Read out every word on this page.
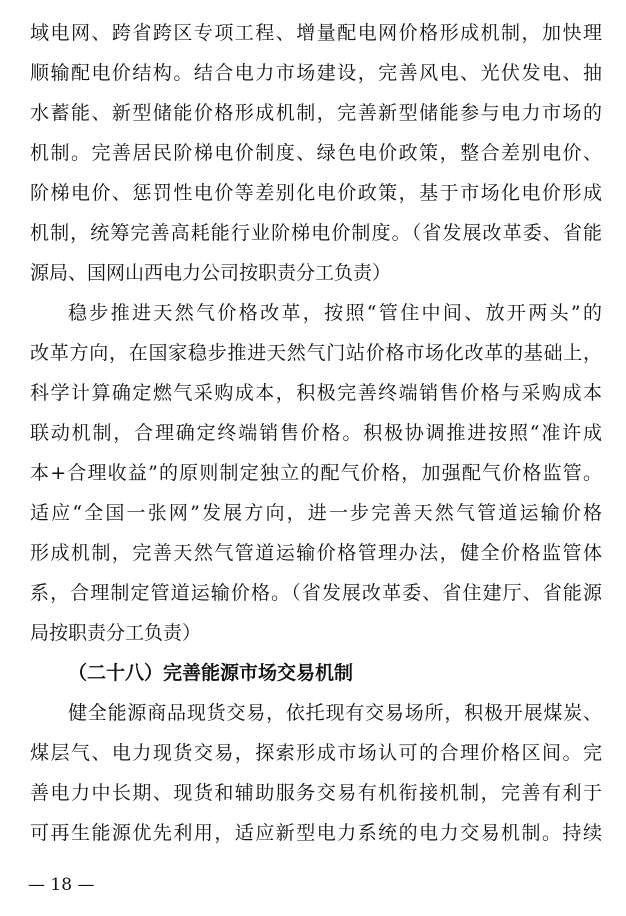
域电网、跨省跨区专项工程、增量配电网价格形成机制，加快理
顺输配电价结构。结合电力市场建设，完善风电、光伏发电、抽
水蓄能、新型储能价格形成机制，完善新型储能参与电力市场的
机制。完善居民阶梯电价制度、绿色电价政策，整合差别电价、
阶梯电价、惩罚性电价等差别化电价政策，基于市场化电价形成
机制，统筹完善高耗能行业阶梯电价制度。（省发展改革委、省能
源局、国网山西电力公司按职责分工负责）
稳步推进天然气价格改革，按照“管住中间、放开两头”的
改革方向，在国家稳步推进天然气门站价格市场化改革的基础上，
科学计算确定燃气采购成本，积极完善终端销售价格与采购成本
联动机制，合理确定终端销售价格。积极协调推进按照“准许成
本+合理收益”的原则制定独立的配气价格，加强配气价格监管。
适应“全国一张网”发展方向，进一步完善天然气管道运输价格
形成机制，完善天然气管道运输价格管理办法，健全价格监管体
系，合理制定管道运输价格。（省发展改革委、省住建厅、省能源
局按职责分工负责）
（二十八）完善能源市场交易机制
健全能源商品现货交易，依托现有交易场所，积极开展煤炭、
煤层气、电力现货交易，探索形成市场认可的合理价格区间。完
善电力中长期、现货和辅助服务交易有机衔接机制，完善有利于
可再生能源优先利用，适应新型电力系统的电力交易机制。持续
— 18 —
